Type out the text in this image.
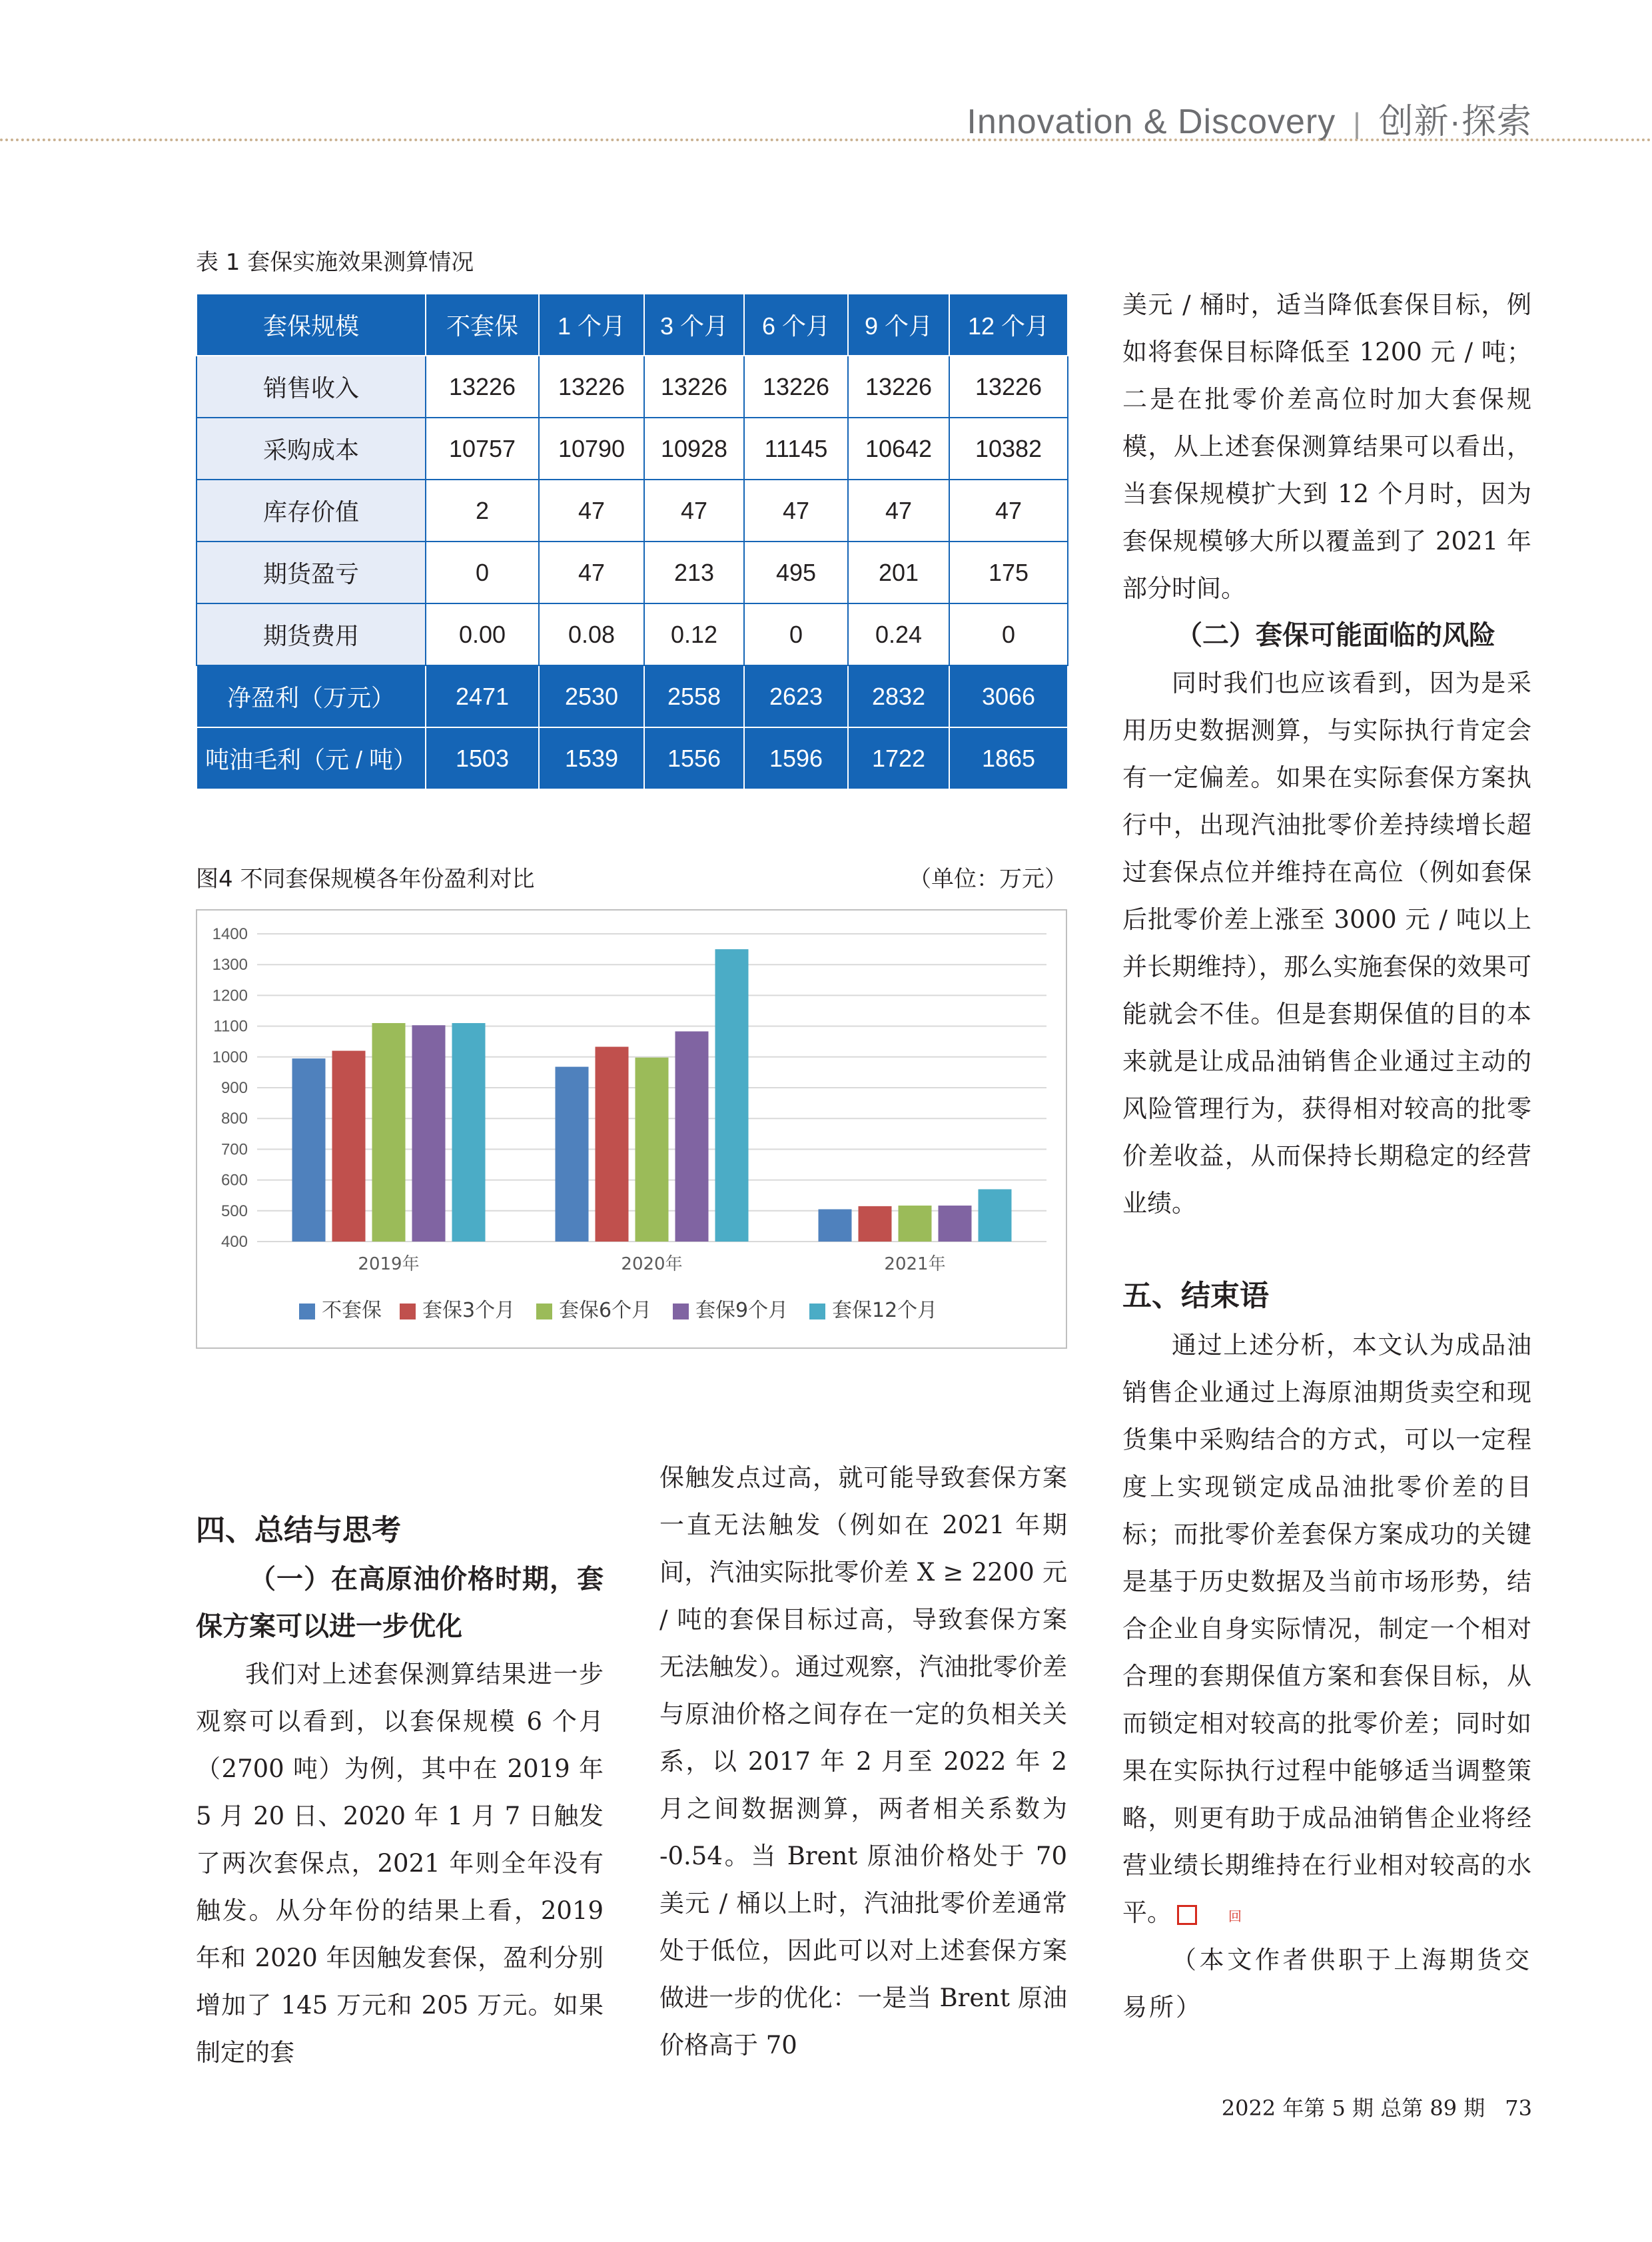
Innovation & Discovery | 创新·探索
表 1 套保实施效果测算情况
套保规模	不套保	1 个月	3 个月	6 个月	9 个月	12 个月
销售收入	13226	13226	13226	13226	13226	13226
采购成本	10757	10790	10928	11145	10642	10382
库存价值	2	47	47	47	47	47
期货盈亏	0	47	213	495	201	175
期货费用	0.00	0.08	0.12	0	0.24	0
净盈利（万元）	2471	2530	2558	2623	2832	3066
吨油毛利（元 / 吨）	1503	1539	1556	1596	1722	1865
图4 不同套保规模各年份盈利对比	（单位：万元）
400
500
600
700
800
900
1000
1100
1200
1300
1400
2019年	2020年	2021年
不套保 套保3个月 套保6个月 套保9个月 套保12个月

四、总结与思考

（一）在高原油价格时期，套保方案可以进一步优化

我们对上述套保测算结果进一步观察可以看到，以套保规模 6 个月（2700 吨）为例，其中在 2019 年 5 月 20 日、2020 年 1 月 7 日触发了两次套保点，2021 年则全年没有触发。从分年份的结果上看，2019 年和 2020 年因触发套保，盈利分别增加了 145 万元和 205 万元。如果制定的套

保触发点过高，就可能导致套保方案一直无法触发（例如在 2021 年期间，汽油实际批零价差 X ≥ 2200 元 / 吨的套保目标过高，导致套保方案无法触发）。通过观察，汽油批零价差与原油价格之间存在一定的负相关关系，以 2017 年 2 月至 2022 年 2 月之间数据测算，两者相关系数为 -0.54。当 Brent 原油价格处于 70 美元 / 桶以上时，汽油批零价差通常处于低位，因此可以对上述套保方案做进一步的优化：一是当 Brent 原油价格高于 70

美元 / 桶时，适当降低套保目标，例如将套保目标降低至 1200 元 / 吨；二是在批零价差高位时加大套保规模，从上述套保测算结果可以看出，当套保规模扩大到 12 个月时，因为套保规模够大所以覆盖到了 2021 年部分时间。

（二）套保可能面临的风险

同时我们也应该看到，因为是采用历史数据测算，与实际执行肯定会有一定偏差。如果在实际套保方案执行中，出现汽油批零价差持续增长超过套保点位并维持在高位（例如套保后批零价差上涨至 3000 元 / 吨以上并长期维持），那么实施套保的效果可能就会不佳。但是套期保值的目的本来就是让成品油销售企业通过主动的风险管理行为，获得相对较高的批零价差收益，从而保持长期稳定的经营业绩。

五、结束语

通过上述分析，本文认为成品油销售企业通过上海原油期货卖空和现货集中采购结合的方式，可以一定程度上实现锁定成品油批零价差的目标；而批零价差套保方案成功的关键是基于历史数据及当前市场形势，结合企业自身实际情况，制定一个相对合理的套期保值方案和套保目标，从而锁定相对较高的批零价差；同时如果在实际执行过程中能够适当调整策略，则更有助于成品油销售企业将经营业绩长期维持在行业相对较高的水平。	回

（本文作者供职于上海期货交易所）

2022 年第 5 期 总第 89 期 73
